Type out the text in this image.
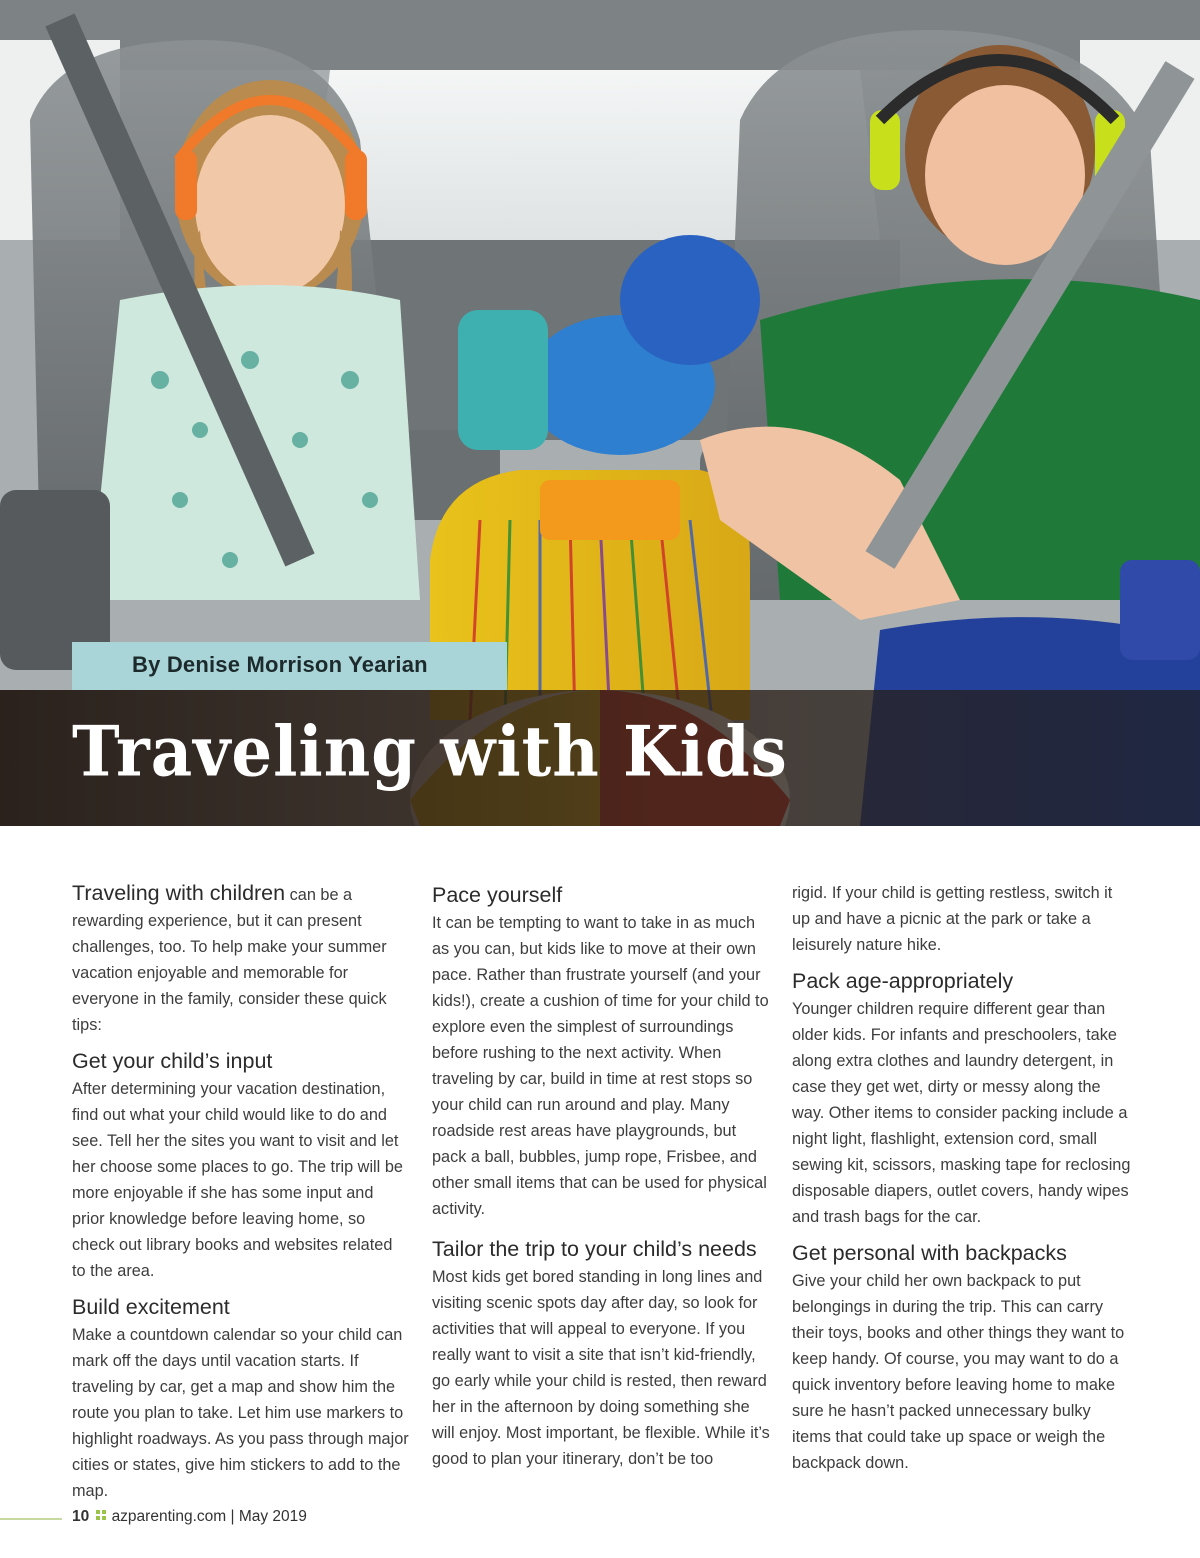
By Denise Morrison Yearian
Traveling with Kids

Traveling with children can be a rewarding experience, but it can present challenges, too. To help make your summer vacation enjoyable and memorable for everyone in the family, consider these quick tips:

Get your child’s input

After determining your vacation destination, find out what your child would like to do and see. Tell her the sites you want to visit and let her choose some places to go. The trip will be more enjoyable if she has some input and prior knowledge before leaving home, so check out library books and websites related to the area.

Build excitement

Make a countdown calendar so your child can mark off the days until vacation starts. If traveling by car, get a map and show him the route you plan to take. Let him use markers to highlight roadways. As you pass through major cities or states, give him stickers to add to the map.

Pace yourself

It can be tempting to want to take in as much as you can, but kids like to move at their own pace. Rather than frustrate yourself (and your kids!), create a cushion of time for your child to explore even the simplest of surroundings before rushing to the next activity. When traveling by car, build in time at rest stops so your child can run around and play. Many roadside rest areas have playgrounds, but pack a ball, bubbles, jump rope, Frisbee, and other small items that can be used for physical activity.

Tailor the trip to your child’s needs

Most kids get bored standing in long lines and visiting scenic spots day after day, so look for activities that will appeal to everyone. If you really want to visit a site that isn’t kid-friendly, go early while your child is rested, then reward her in the afternoon by doing something she will enjoy. Most important, be flexible. While it’s good to plan your itinerary, don’t be too

rigid. If your child is getting restless, switch it up and have a picnic at the park or take a leisurely nature hike.

Pack age-appropriately

Younger children require different gear than older kids. For infants and preschoolers, take along extra clothes and laundry detergent, in case they get wet, dirty or messy along the way. Other items to consider packing include a night light, flashlight, extension cord, small sewing kit, scissors, masking tape for reclosing disposable diapers, outlet covers, handy wipes and trash bags for the car.

Get personal with backpacks

Give your child her own backpack to put belongings in during the trip. This can carry their toys, books and other things they want to keep handy. Of course, you may want to do a quick inventory before leaving home to make sure he hasn’t packed unnecessary bulky items that could take up space or weigh the backpack down.

10 azparenting.com | May 2019
